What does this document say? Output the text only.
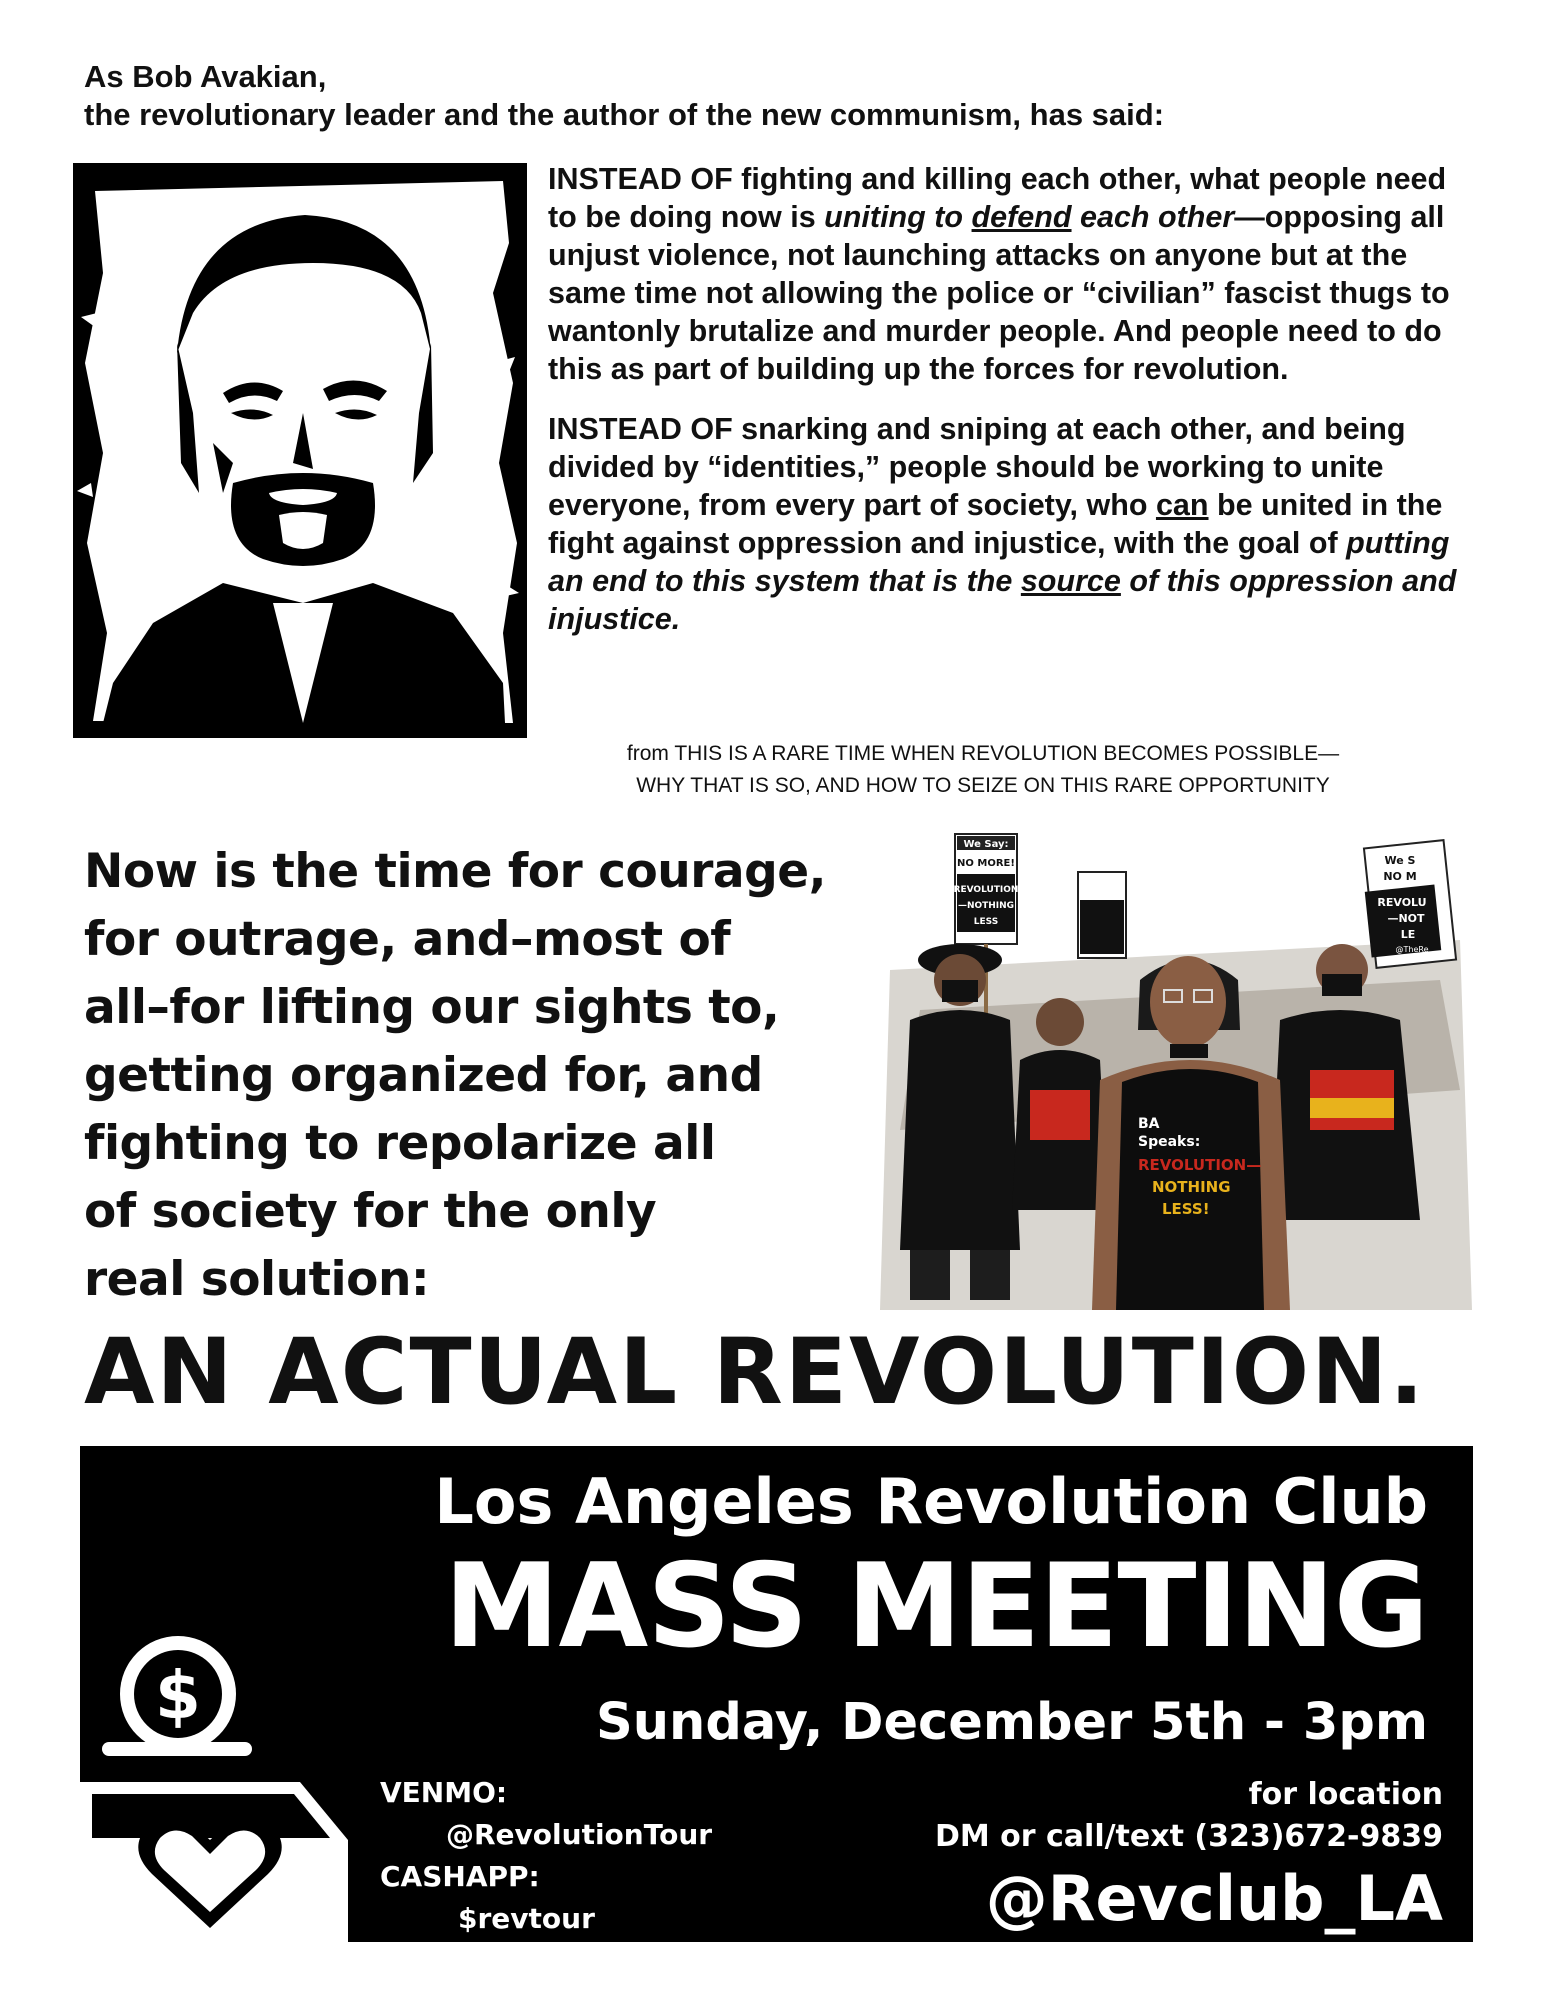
As Bob Avakian,
the revolutionary leader and the author of the new communism, has said:

INSTEAD OF fighting and killing each other, what people need to be doing now is uniting to defend each other—opposing all unjust violence, not launching attacks on anyone but at the same time not allowing the police or “civilian” fascist thugs to wantonly brutalize and murder people. And people need to do this as part of building up the forces for revolution.

INSTEAD OF snarking and sniping at each other, and being divided by “identities,” people should be working to unite everyone, from every part of society, who can be united in the fight against oppression and injustice, with the goal of putting an end to this system that is the source of this oppression and injustice.

from THIS IS A RARE TIME WHEN REVOLUTION BECOMES POSSIBLE—
WHY THAT IS SO, AND HOW TO SEIZE ON THIS RARE OPPORTUNITY
Now is the time for courage,
for outrage, and–most of
all–for lifting our sights to,
getting organized for, and
fighting to repolarize all
of society for the only
real solution:
We Say:
NO MORE!
REVOLUTION
—NOTHING
LESS
We S
NO M
REVOLU
—NOT
LE
@TheRe
BA
Speaks:
REVOLUTION—
NOTHING
LESS!
AN ACTUAL REVOLUTION.
Los Angeles Revolution Club
MASS MEETING
Sunday, December 5th - 3pm
$
VENMO:
@RevolutionTour
CASHAPP:
$revtour
for location
DM or call/text (323)672-9839
@Revclub_LA
